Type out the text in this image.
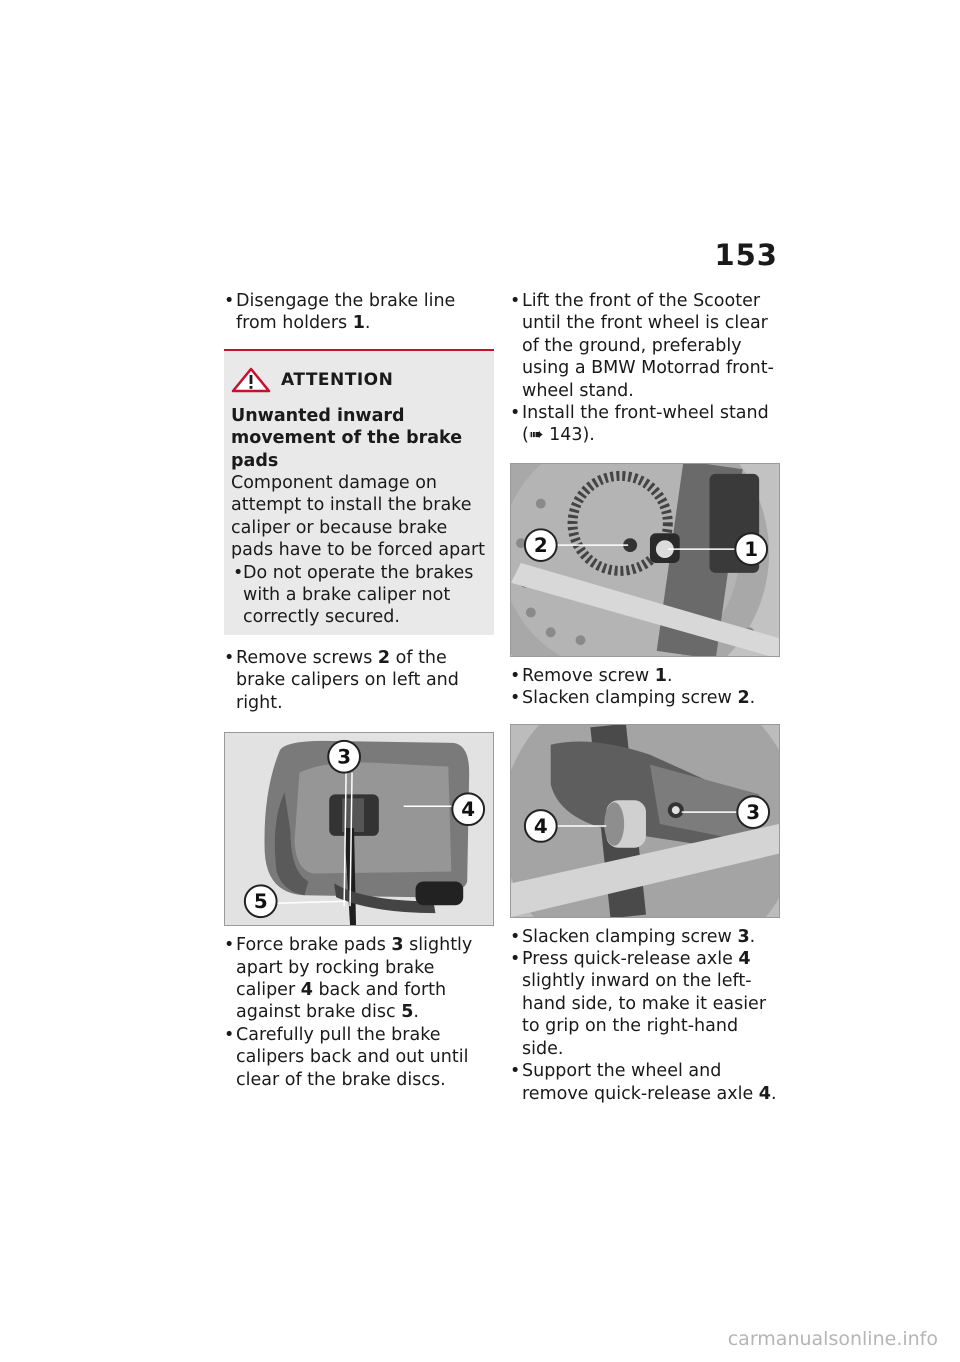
153

• Disengage the brake line from holders 1.

ATTENTION
Unwanted inward movement of the brake pads
Component damage on attempt to install the brake caliper or because brake pads have to be forced apart
• Do not operate the brakes with a brake caliper not correctly secured.

• Remove screws 2 of the brake calipers on left and right.

3
4
5

• Force brake pads 3 slightly apart by rocking brake caliper 4 back and forth against brake disc 5.

• Carefully pull the brake calipers back and out until clear of the brake discs.

• Lift the front of the Scooter until the front wheel is clear of the ground, preferably using a BMW Motorrad front-wheel stand.

• Install the front-wheel stand (➠ 143).

2	1

• Remove screw 1.

• Slacken clamping screw 2.

4
3

• Slacken clamping screw 3.

• Press quick-release axle 4 slightly inward on the left-hand side, to make it easier to grip on the right-hand side.

• Support the wheel and remove quick-release axle 4.

carmanualsonline.info
